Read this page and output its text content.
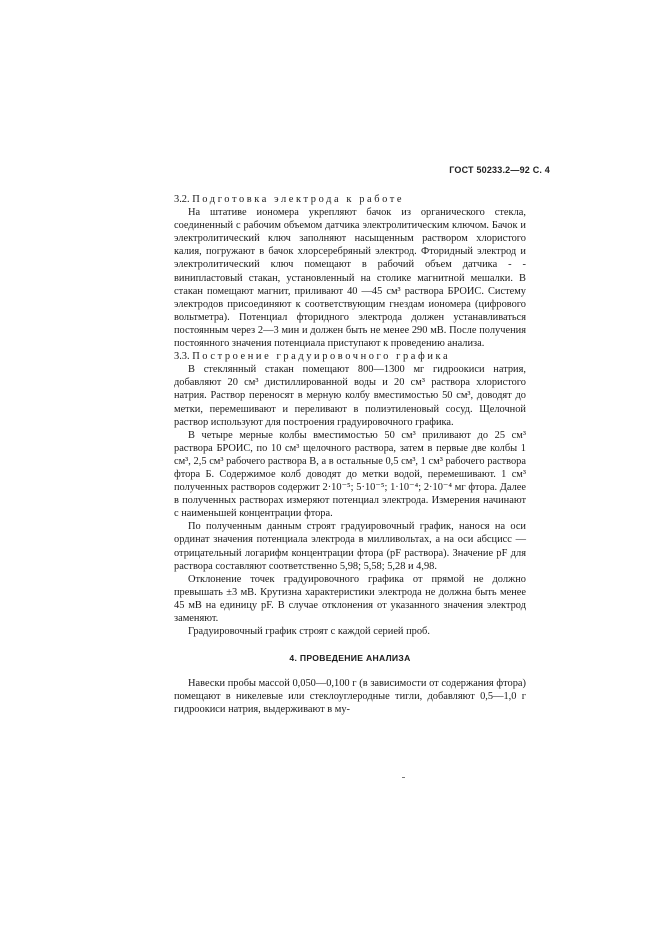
ГОСТ 50233.2—92 С. 4

3.2. Подготовка электрода к работе

На штативе иономера укрепляют бачок из органического стекла, соединенный с рабочим объемом датчика электролитическим ключом. Бачок и электролитический ключ заполняют насыщенным раствором хлористого калия, погружают в бачок хлорсеребряный электрод. Фторидный электрод и электролитический ключ помещают в рабочий объем датчика - - винипластовый стакан, установленный на столике магнитной мешалки. В стакан помещают магнит, приливают 40 —45 см³ раствора БРОИС. Систему электродов присоединяют к соответствующим гнездам иономера (цифрового вольтметра). Потенциал фторидного электрода должен устанавливаться постоянным через 2—3 мин и должен быть не менее 290 мВ. После получения постоянного значения потенциала приступают к проведению анализа.

3.3. Построение градуировочного графика

В стеклянный стакан помещают 800—1300 мг гидроокиси натрия, добавляют 20 см³ дистиллированной воды и 20 см³ раствора хлористого натрия. Раствор переносят в мерную колбу вместимостью 50 см³, доводят до метки, перемешивают и переливают в полиэтиленовый сосуд. Щелочной раствор используют для построения градуировочного графика.

В четыре мерные колбы вместимостью 50 см³ приливают до 25 см³ раствора БРОИС, по 10 см³ щелочного раствора, затем в первые две колбы 1 см³, 2,5 см³ рабочего раствора В, а в остальные 0,5 см³, 1 см³ рабочего раствора фтора Б. Содержимое колб доводят до метки водой, перемешивают. 1 см³ полученных растворов содержит 2·10⁻⁵; 5·10⁻⁵; 1·10⁻⁴; 2·10⁻⁴ мг фтора. Далее в полученных растворах измеряют потенциал электрода. Измерения начинают с наименьшей концентрации фтора.

По полученным данным строят градуировочный график, нанося на оси ординат значения потенциала электрода в милливольтах, а на оси абсцисс — отрицательный логарифм концентрации фтора (pF раствора). Значение pF для раствора составляют соответственно 5,98; 5,58; 5,28 и 4,98.

Отклонение точек градуировочного графика от прямой не должно превышать ±3 мВ. Крутизна характеристики электрода не должна быть менее 45 мВ на единицу pF. В случае отклонения от указанного значения электрод заменяют.

Градуировочный график строят с каждой серией проб.

4. ПРОВЕДЕНИЕ АНАЛИЗА

Навески пробы массой 0,050—0,100 г (в зависимости от содержания фтора) помещают в никелевые или стеклоуглеродные тигли, добавляют 0,5—1,0 г гидроокиси натрия, выдерживают в му-
